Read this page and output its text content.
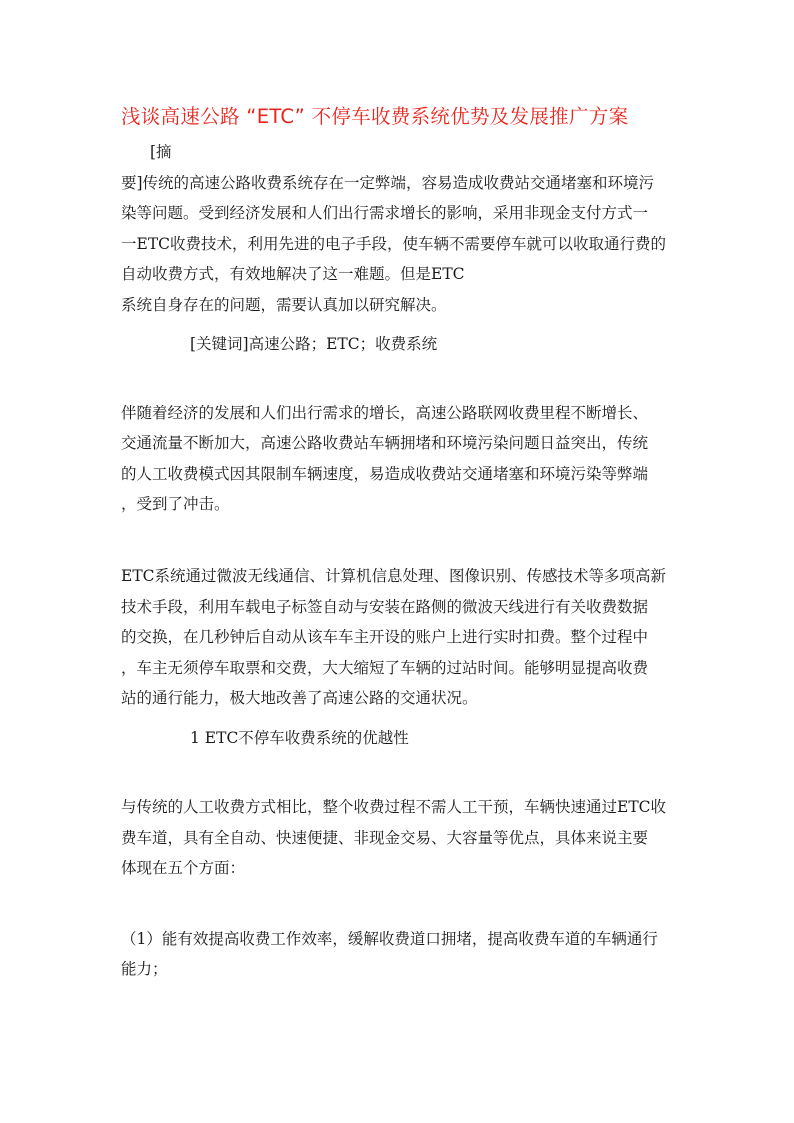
浅谈高速公路 “ETC” 不停车收费系统优势及发展推广方案
[摘
要]传统的高速公路收费系统存在一定弊端，容易造成收费站交通堵塞和环境污
染等问题。受到经济发展和人们出行需求增长的影响，采用非现金支付方式一
一ETC收费技术，利用先进的电子手段，使车辆不需要停车就可以收取通行费的
自动收费方式，有效地解决了这一难题。但是ETC
系统自身存在的问题，需要认真加以研究解决。
[关键词]高速公路；ETC；收费系统
伴随着经济的发展和人们出行需求的增长，高速公路联网收费里程不断增长、
交通流量不断加大，高速公路收费站车辆拥堵和环境污染问题日益突出，传统
的人工收费模式因其限制车辆速度，易造成收费站交通堵塞和环境污染等弊端
，受到了冲击。
ETC系统通过微波无线通信、计算机信息处理、图像识别、传感技术等多项高新
技术手段，利用车载电子标签自动与安装在路侧的微波天线进行有关收费数据
的交换，在几秒钟后自动从该车车主开设的账户上进行实时扣费。整个过程中
，车主无须停车取票和交费，大大缩短了车辆的过站时间。能够明显提高收费
站的通行能力，极大地改善了高速公路的交通状况。
1 ETC不停车收费系统的优越性
与传统的人工收费方式相比，整个收费过程不需人工干预，车辆快速通过ETC收
费车道，具有全自动、快速便捷、非现金交易、大容量等优点，具体来说主要
体现在五个方面：
（1）能有效提高收费工作效率，缓解收费道口拥堵，提高收费车道的车辆通行
能力；
